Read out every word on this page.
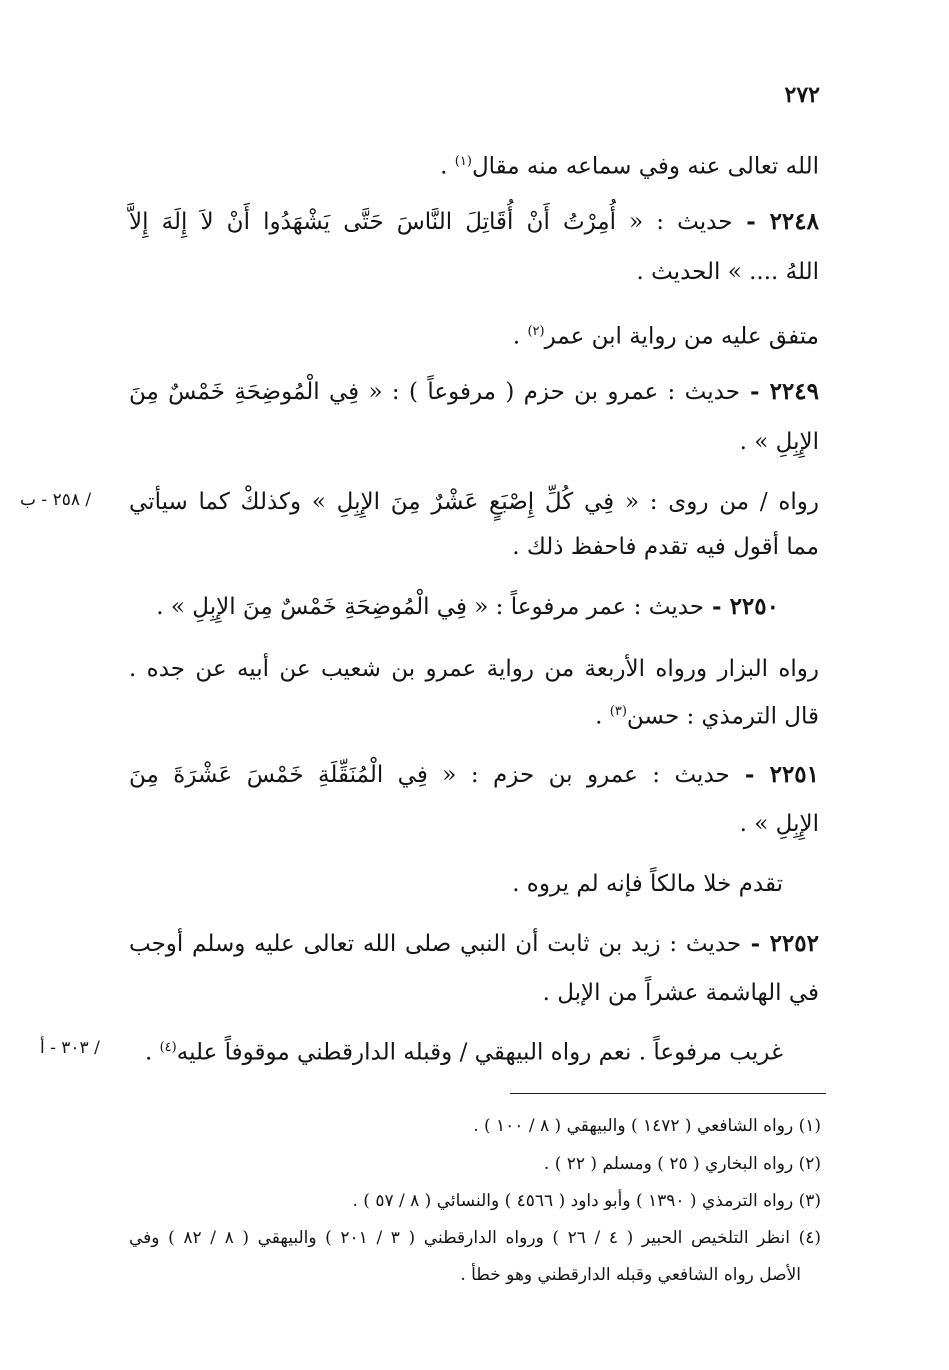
٢٧٢
الله تعالى عنه وفي سماعه منه مقال$^{(١)}$ .
٢٢٤٨ - حديث : « أُمِرْتُ أَنْ أُقَاتِلَ النَّاسَ حَتَّى يَشْهَدُوا أَنْ لاَ إِلَهَ إِلاَّ
اللهُ .... » الحديث .
متفق عليه من رواية ابن عمر$^{(٢)}$ .
٢٢٤٩ - حديث : عمرو بن حزم ( مرفوعاً ) : « فِي الْمُوضِحَةِ خَمْسٌ مِنَ
الإِبِلِ » .
رواه / من روى : « فِي كُلِّ إِصْبَعٍ عَشْرٌ مِنَ الإِبِلِ » وكذلكْ كما سيأتي
/ ٢٥٨ - ب
مما أقول فيه تقدم فاحفظ ذلك .
٢٢٥٠ - حديث : عمر مرفوعاً : « فِي الْمُوضِحَةِ خَمْسٌ مِنَ الإِبِلِ » .
رواه البزار ورواه الأربعة من رواية عمرو بن شعيب عن أبيه عن جده .
قال الترمذي : حسن$^{(٣)}$ .
٢٢٥١ - حديث : عمرو بن حزم : « فِي الْمُنَقِّلَةِ خَمْسَ عَشْرَةَ مِنَ
الإِبِلِ » .
تقدم خلا مالكاً فإنه لم يروه .
٢٢٥٢ - حديث : زيد بن ثابت أن النبي صلى الله تعالى عليه وسلم أوجب
في الهاشمة عشراً من الإبل .
غريب مرفوعاً . نعم رواه البيهقي / وقبله الدارقطني موقوفاً عليه$^{(٤)}$ .
/ ٣٠٣ - أ
(١) رواه الشافعي ( ١٤٧٢ ) والبيهقي ( ٨ / ١٠٠ ) .
(٢) رواه البخاري ( ٢٥ ) ومسلم ( ٢٢ ) .
(٣) رواه الترمذي ( ١٣٩٠ ) وأبو داود ( ٤٥٦٦ ) والنسائي ( ٨ / ٥٧ ) .
(٤) انظر التلخيص الحبير ( ٤ / ٢٦ ) ورواه الدارقطني ( ٣ / ٢٠١ ) والبيهقي ( ٨ / ٨٢ ) وفي
الأصل رواه الشافعي وقبله الدارقطني وهو خطأ .
